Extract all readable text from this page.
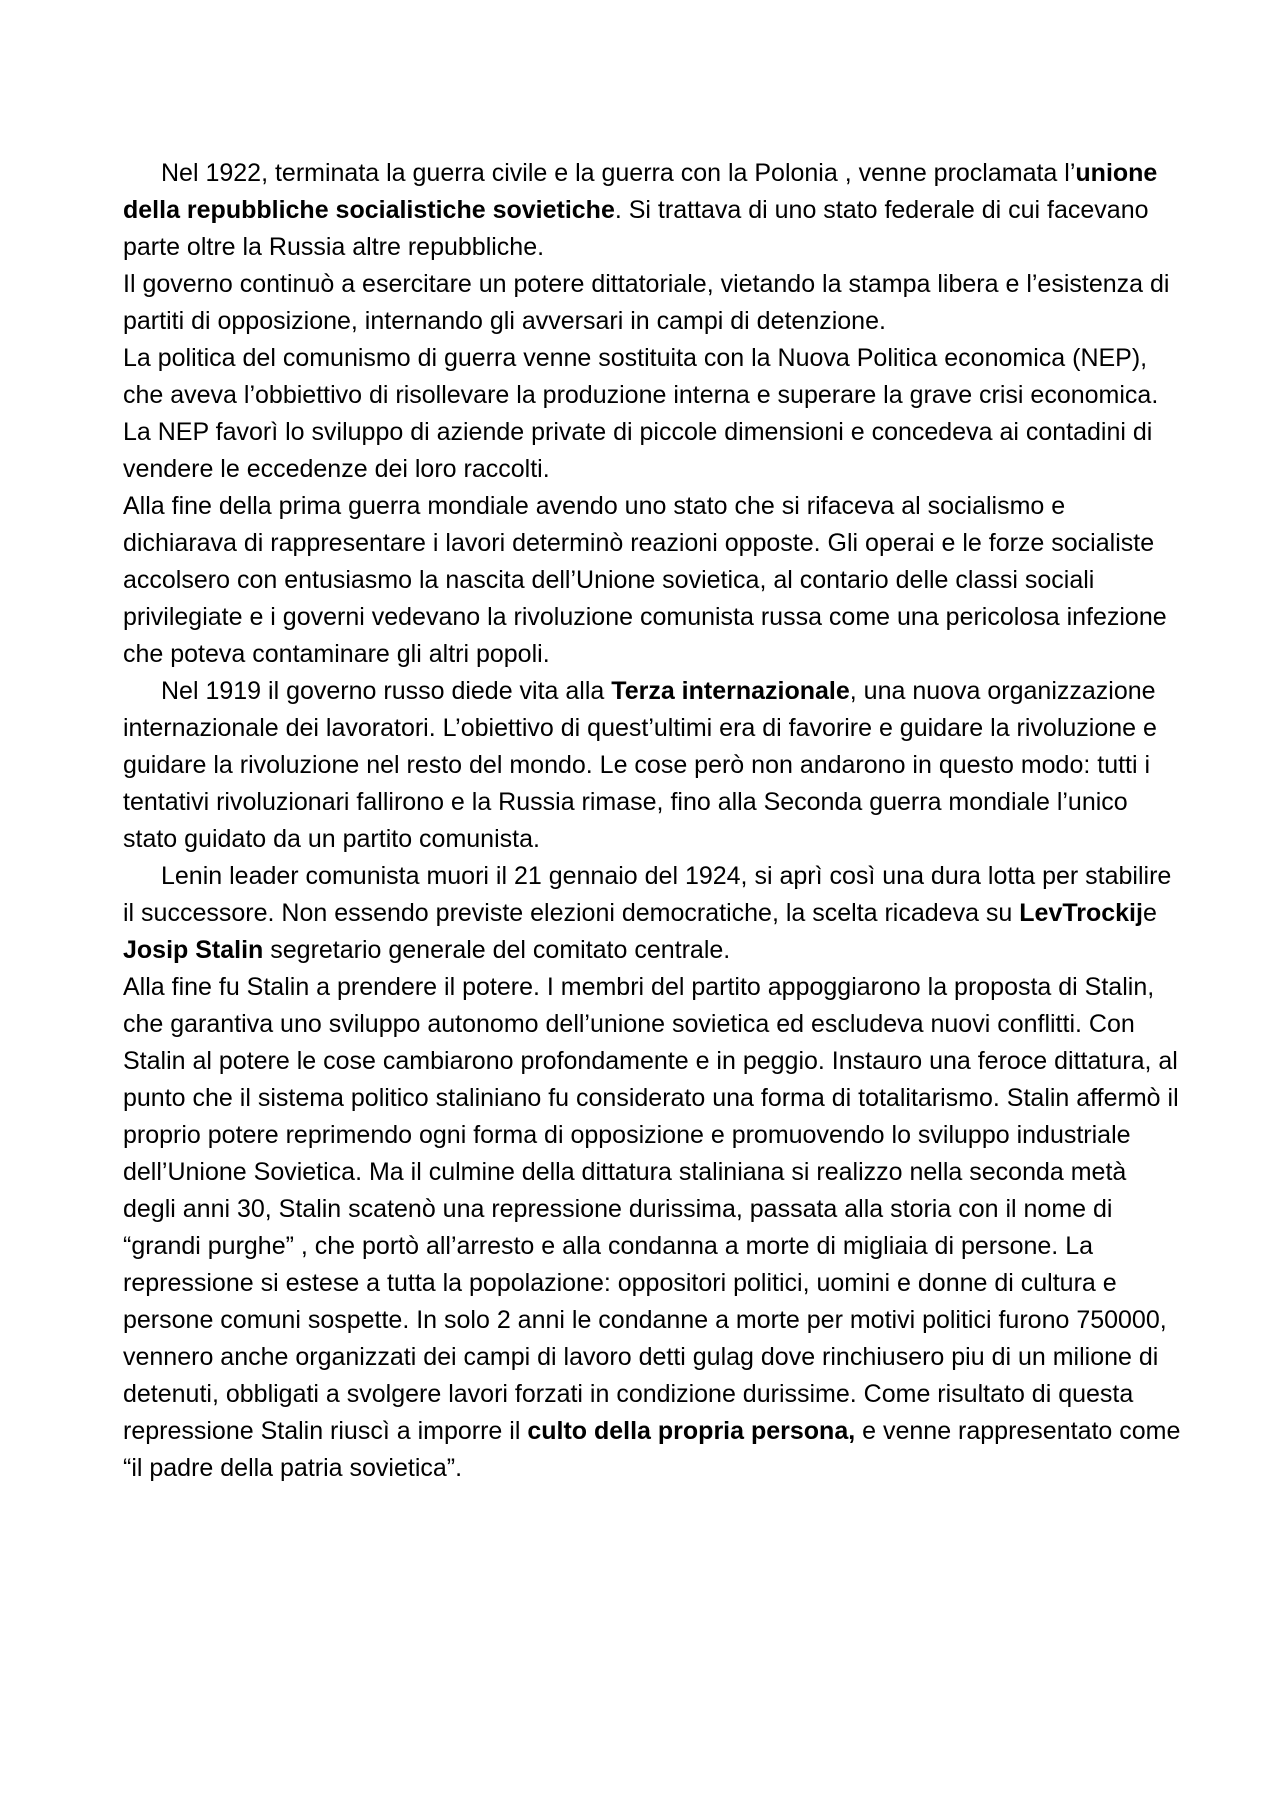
Nel 1922, terminata la guerra civile e la guerra con la Polonia , venne proclamata l’unione della repubbliche socialistiche sovietiche. Si trattava di uno stato federale di cui facevano parte oltre la Russia altre repubbliche.

Il governo continuò a esercitare un potere dittatoriale, vietando la stampa libera e l’esistenza di partiti di opposizione, internando gli avversari in campi di detenzione.

La politica del comunismo di guerra venne sostituita con la Nuova Politica economica (NEP), che aveva l’obbiettivo di risollevare la produzione interna e superare la grave crisi economica. La NEP favorì lo sviluppo di aziende private di piccole dimensioni e concedeva ai contadini di vendere le eccedenze dei loro raccolti.

Alla fine della prima guerra mondiale avendo uno stato che si rifaceva al socialismo e dichiarava di rappresentare i lavori determinò reazioni opposte. Gli operai e le forze socialiste accolsero con entusiasmo la nascita dell’Unione sovietica, al contario delle classi sociali privilegiate e i governi vedevano la rivoluzione comunista russa come una pericolosa infezione che poteva contaminare gli altri popoli.

Nel 1919 il governo russo diede vita alla Terza internazionale, una nuova organizzazione internazionale dei lavoratori. L’obiettivo di quest’ultimi era di favorire e guidare la rivoluzione e guidare la rivoluzione nel resto del mondo. Le cose però non andarono in questo modo: tutti i tentativi rivoluzionari fallirono e la Russia rimase, fino alla Seconda guerra mondiale l’unico stato guidato da un partito comunista.

Lenin leader comunista muori il 21 gennaio del 1924, si aprì così una dura lotta per stabilire il successore. Non essendo previste elezioni democratiche, la scelta ricadeva su LevTrockije Josip Stalin segretario generale del comitato centrale.

Alla fine fu Stalin a prendere il potere. I membri del partito appoggiarono la proposta di Stalin, che garantiva uno sviluppo autonomo dell’unione sovietica ed escludeva nuovi conflitti. Con Stalin al potere le cose cambiarono profondamente e in peggio. Instauro una feroce dittatura, al punto che il sistema politico staliniano fu considerato una forma di totalitarismo. Stalin affermò il proprio potere reprimendo ogni forma di opposizione e promuovendo lo sviluppo industriale dell’Unione Sovietica. Ma il culmine della dittatura staliniana si realizzo nella seconda metà degli anni 30, Stalin scatenò una repressione durissima, passata alla storia con il nome di “grandi purghe” , che portò all’arresto e alla condanna a morte di migliaia di persone. La repressione si estese a tutta la popolazione: oppositori politici, uomini e donne di cultura e persone comuni sospette. In solo 2 anni le condanne a morte per motivi politici furono 750000, vennero anche organizzati dei campi di lavoro detti gulag dove rinchiusero piu di un milione di detenuti, obbligati a svolgere lavori forzati in condizione durissime. Come risultato di questa repressione Stalin riuscì a imporre il culto della propria persona, e venne rappresentato come “il padre della patria sovietica”.
